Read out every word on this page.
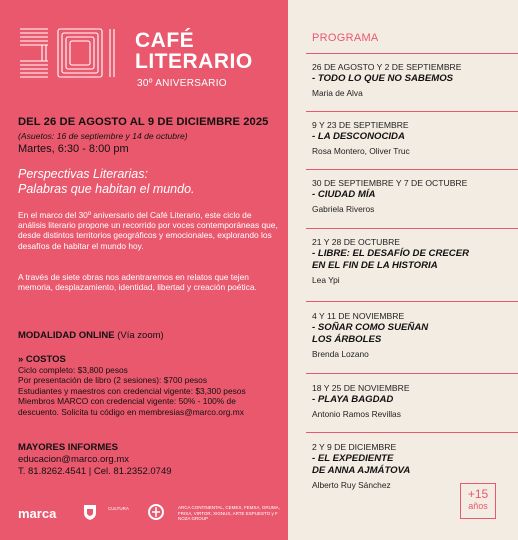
CAFÉ
LITERARIO
30º ANIVERSARIO
DEL 26 DE AGOSTO AL 9 DE DICIEMBRE 2025
(Asuetos: 16 de septiembre y 14 de octubre)
Martes, 6:30 - 8:00 pm
Perspectivas Literarias:
Palabras que habitan el mundo.
En el marco del 30º aniversario del Café Literario, este ciclo de análisis literario propone un recorrido por voces contemporáneas que, desde distintos territorios geográficos y emocionales, explorando los desafíos de habitar el mundo hoy.
A través de siete obras nos adentraremos en relatos que tejen memoria, desplazamiento, identidad, libertad y creación poética.
MODALIDAD ONLINE (Vía zoom)
» COSTOS
Ciclo completo: $3,800 pesos
Por presentación de libro (2 sesiones): $700 pesos
Estudiantes y maestros con credencial vigente: $3,300 pesos
Miembros MARCO con credencial vigente: 50% - 100% de
descuento. Solicita tu código en membresias@marco.org.mx
MAYORES INFORMES
educacion@marco.org.mx
T. 81.8262.4541 | Cel. 81.2352.0749
marca	CULTURA	ARCA CONTINENTAL, CEMEX, FEMSA, GRUMA, FRISA, VIRTOR, XIGNUX, ARTE ESPUESTO y F NOZA GROUP
PROGRAMA
26 DE AGOSTO Y 2 DE SEPTIEMBRE
- TODO LO QUE NO SABEMOS
Maria de Alva
9 Y 23 DE SEPTIEMBRE
- LA DESCONOCIDA
Rosa Montero, Oliver Truc
30 DE SEPTIEMBRE Y 7 DE OCTUBRE
- CIUDAD MÍA
Gabriela Riveros
21 Y 28 DE OCTUBRE
- LIBRE: EL DESAFÍO DE CRECER
EN EL FIN DE LA HISTORIA
Lea Ypi
4 Y 11 DE NOVIEMBRE
- SOÑAR COMO SUEÑAN
LOS ÁRBOLES
Brenda Lozano
18 Y 25 DE NOVIEMBRE
- PLAYA BAGDAD
Antonio Ramos Revillas
2 Y 9 DE DICIEMBRE
- EL EXPEDIENTE
DE ANNA AJMÁTOVA
Alberto Ruy Sánchez
+15
años
